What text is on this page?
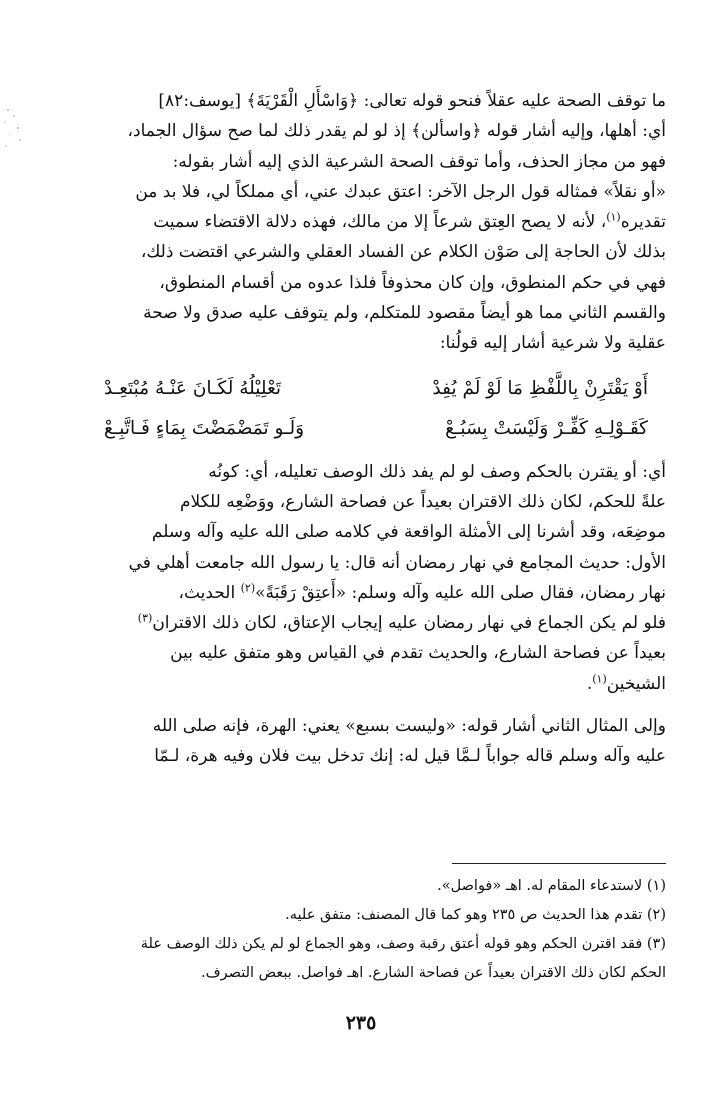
ما توقف الصحة عليه عقلاً فنحو قوله تعالى: ﴿وَاسْأَلِ الْقَرْيَةَ﴾ [يوسف:٨٢]

أي: أهلها، وإليه أشار قوله ﴿واسألن﴾ إذ لو لم يقدر ذلك لما صح سؤال الجماد،

فهو من مجاز الحذف، وأما توقف الصحة الشرعية الذي إليه أشار بقوله:

«أو نقلاً» فمثاله قول الرجل الآخر: اعتق عبدك عني، أي مملكاً لي، فلا بد من

تقديره$^{(١)}$، لأنه لا يصح العِتق شرعاً إلا من مالك، فهذه دلالة الاقتضاء سميت

بذلك لأن الحاجة إلى صَوْن الكلام عن الفساد العقلي والشرعي اقتضت ذلك،

فهي في حكم المنطوق، وإن كان محذوفاً فلذا عدوه من أقسام المنطوق،

والقسم الثاني مما هو أيضاً مقصود للمتكلم، ولم يتوقف عليه صدق ولا صحة

عقلية ولا شرعية أشار إليه قولُنا:

أَوْ يَقْتَرِنْ بِاللَّفْظِ مَا لَوْ لَمْ يُفِدْ
تَعْلِيْلُهُ لَكَـانَ عَنْـهُ مُبْتَعِـدْ
كَقَـوْلِـهِ كَفِّـرْ وَلَيْسَتْ بِسَبُـعْ
وَلَـو تَمَضْمَضْتَ بِمَاءٍ فَـاتَّبِـعْ

أي: أو يقترن بالحكم وصف لو لم يفد ذلك الوصف تعليله، أي: كونُه

علةً للحكم، لكان ذلك الاقتران بعيداً عن فصاحة الشارع، ووَضْعِه للكلام

موضِعَه، وقد أشرنا إلى الأمثلة الواقعة في كلامه صلى الله عليه وآله وسلم

الأول: حديث المجامع في نهار رمضان أنه قال: يا رسول الله جامعت أهلي في

نهار رمضان، فقال صلى الله عليه وآله وسلم: «أَعتِقْ رَقَبَةً»$^{(٢)}$ الحديث،

فلو لم يكن الجماع في نهار رمضان عليه إيجاب الإعتاق، لكان ذلك الاقتران$^{(٣)}$

بعيداً عن فصاحة الشارع، والحديث تقدم في القياس وهو متفق عليه بين

الشيخين$^{(١)}$.

وإلى المثال الثاني أشار قوله: «وليست بسبع» يعني: الهرة، فإنه صلى الله

عليه وآله وسلم قاله جواباً لـمَّا قيل له: إنك تدخل بيت فلان وفيه هرة، لـمّا

(١) لاستدعاء المقام له. اهـ «فواصل».

(٢) تقدم هذا الحديث ص ٢٣٥ وهو كما قال المصنف: متفق عليه.

(٣) فقد اقترن الحكم وهو قوله أعتق رقبة وصف، وهو الجماع لو لم يكن ذلك الوصف علة

الحكم لكان ذلك الاقتران بعيداً عن فصاحة الشارع. اهـ فواصل. ببعض التصرف.

٢٣٥
